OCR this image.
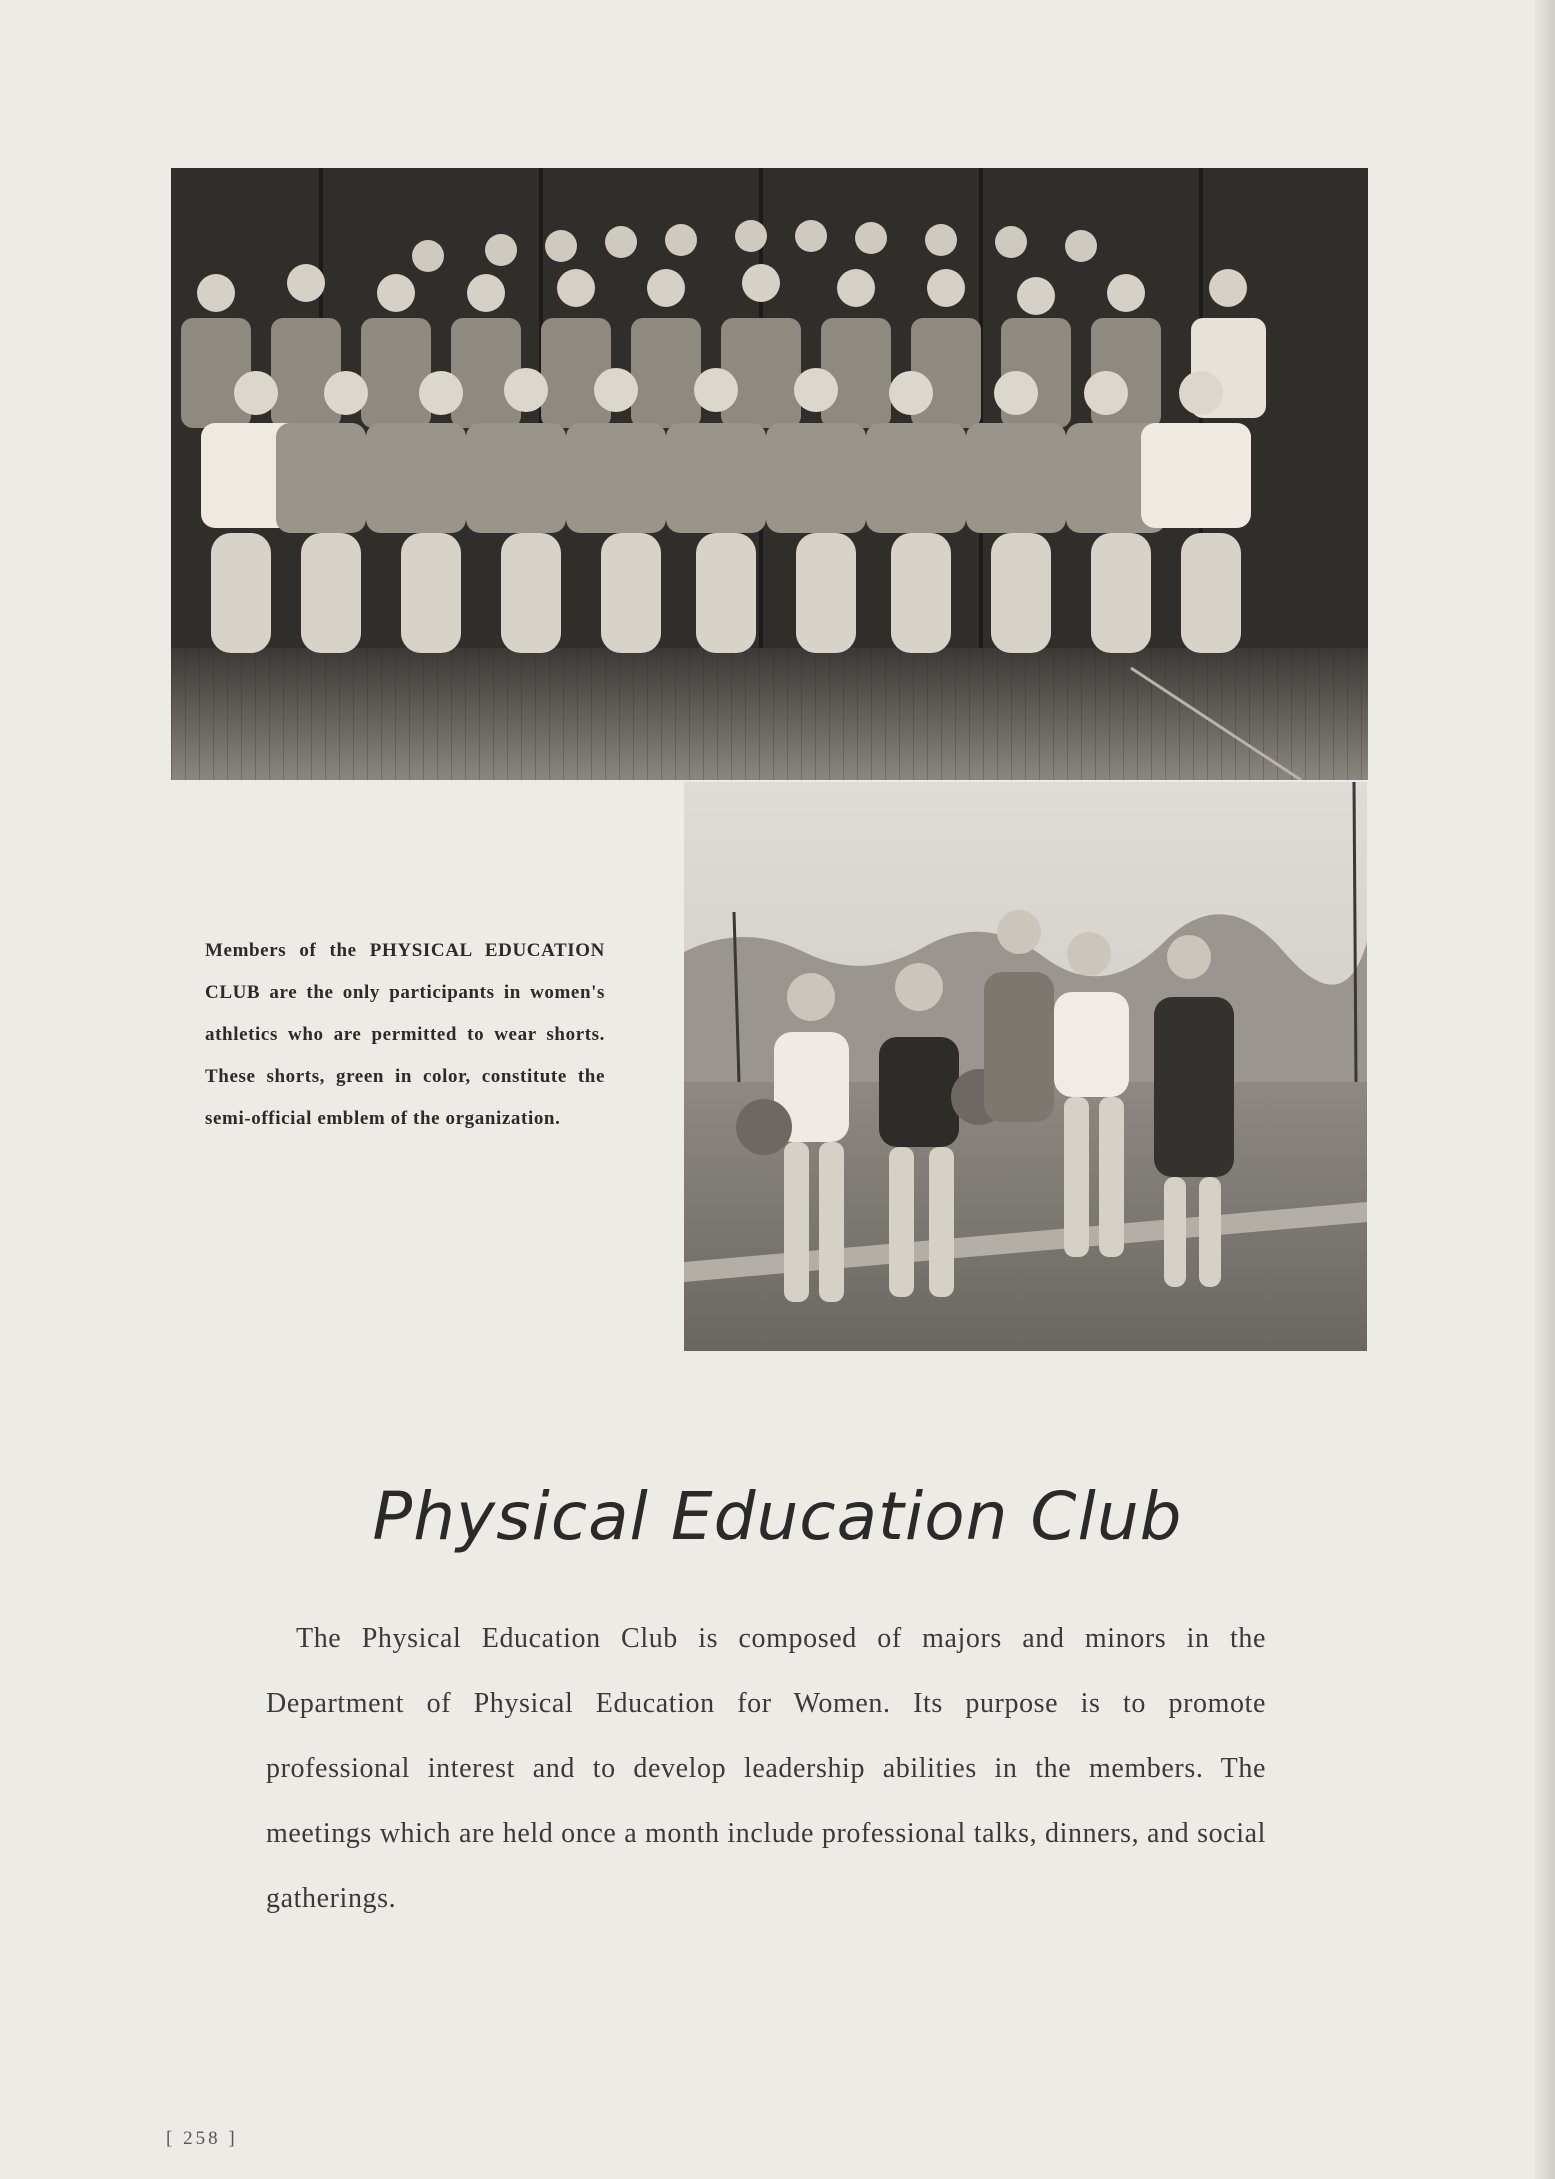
Members of the PHYSICAL EDUCATION CLUB are the only participants in women's athletics who are permitted to wear shorts. These shorts, green in color, constitute the semi-official emblem of the organization.
Physical Education Club
The Physical Education Club is composed of majors and minors in the Department of Physical Education for Women. Its purpose is to promote professional interest and to develop leadership abilities in the members. The meetings which are held once a month include professional talks, dinners, and social gatherings.
[ 258 ]
